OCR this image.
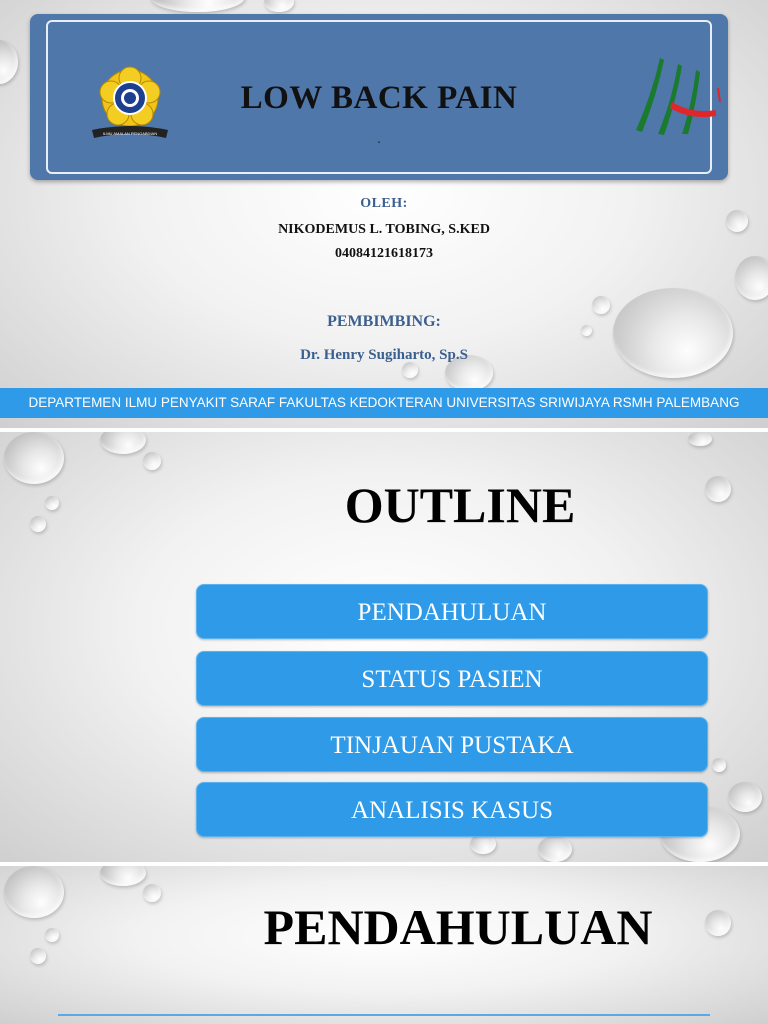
ILMU AMALAN PENGABDIAN
LOW BACK PAIN
.
OLEH:
NIKODEMUS L. TOBING, S.KED
04084121618173
PEMBIMBING:
Dr. Henry Sugiharto, Sp.S
DEPARTEMEN ILMU PENYAKIT SARAF FAKULTAS KEDOKTERAN UNIVERSITAS SRIWIJAYA RSMH PALEMBANG
OUTLINE
PENDAHULUAN
STATUS PASIEN
TINJAUAN PUSTAKA
ANALISIS KASUS
PENDAHULUAN
